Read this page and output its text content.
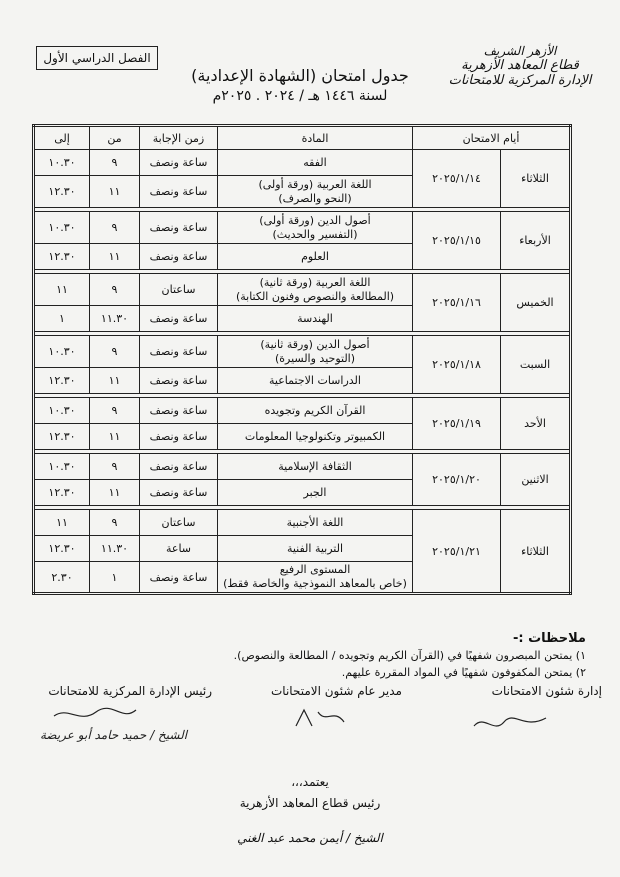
الأزهر الشريف
قطاع المعاهد الأزهرية
الإدارة المركزية للامتحانات
جدول امتحان (الشهادة الإعدادية)
لسنة ١٤٤٦ هـ / ٢٠٢٤ . ٢٠٢٥م
الفصل الدراسي الأول
أيام الامتحان		المادة	زمن الإجابة	من	إلى
الثلاثاء	٢٠٢٥/١/١٤	الفقه	ساعة ونصف	٩	١٠.٣٠

		اللغة العربية (ورقة أولى)
(النحو والصرف)	ساعة ونصف	١١	١٢.٣٠

الأربعاء	٢٠٢٥/١/١٥	أصول الدين (ورقة أولى)
(التفسير والحديث)	ساعة ونصف	٩	١٠.٣٠

		العلوم	ساعة ونصف	١١	١٢.٣٠

الخميس	٢٠٢٥/١/١٦	اللغة العربية (ورقة ثانية)
(المطالعة والنصوص وفنون الكتابة)	ساعتان	٩	١١

		الهندسة	ساعة ونصف	١١.٣٠	١

السبت	٢٠٢٥/١/١٨	أصول الدين (ورقة ثانية)
(التوحيد والسيرة)	ساعة ونصف	٩	١٠.٣٠

		الدراسات الاجتماعية	ساعة ونصف	١١	١٢.٣٠

الأحد	٢٠٢٥/١/١٩	القرآن الكريم وتجويده	ساعة ونصف	٩	١٠.٣٠

		الكمبيوتر وتكنولوجيا المعلومات	ساعة ونصف	١١	١٢.٣٠

الاثنين	٢٠٢٥/١/٢٠	الثقافة الإسلامية	ساعة ونصف	٩	١٠.٣٠

		الجبر	ساعة ونصف	١١	١٢.٣٠

الثلاثاء	٢٠٢٥/١/٢١	اللغة الأجنبية	ساعتان	٩	١١

		التربية الفنية	ساعة	١١.٣٠	١٢.٣٠

		المستوى الرفيع
(خاص بالمعاهد النموذجية والخاصة فقط)	ساعة ونصف	١	٢.٣٠
ملاحظات :-
١) يمتحن المبصرون شفهيًا في (القرآن الكريم وتجويده / المطالعة والنصوص).
٢) يمتحن المكفوفون شفهيًا في المواد المقررة عليهم.
إدارة شئون الامتحانات
مدير عام شئون الامتحانات
رئيس الإدارة المركزية للامتحانات
الشيخ / حميد حامد أبو عريضة
يعتمد،،،
رئيس قطاع المعاهد الأزهرية
الشيخ / أيمن محمد عبد الغني
